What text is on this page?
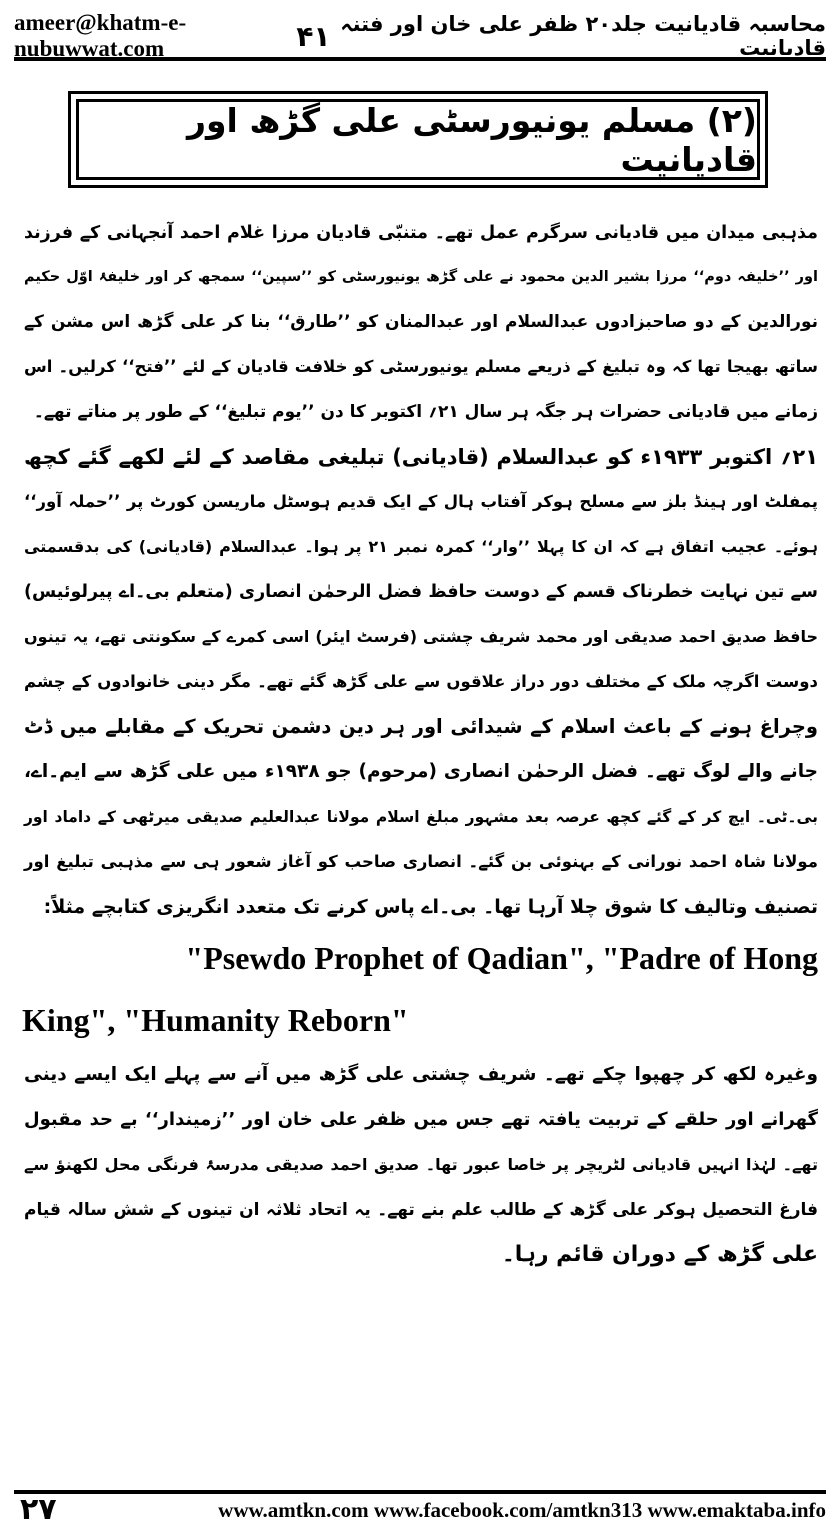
ameer@khatm-e-nubuwwat.com	۴۱ محاسبہ قادیانیت جلد۲۰ ظفر علی خان اور فتنہ قادیانیت
(۲) مسلم یونیورسٹی علی گڑھ اور قادیانیت
مذہبی میدان میں قادیانی سرگرم عمل تھے۔ متنبّی قادیان مرزا غلام احمد آنجہانی کے فرزند
اور ’’خلیفہ دوم‘‘ مرزا بشیر الدین محمود نے علی گڑھ یونیورسٹی کو ’’سپین‘‘ سمجھ کر اور خلیفۂ اوّل حکیم
نورالدین کے دو صاحبزادوں عبدالسلام اور عبدالمنان کو ’’طارق‘‘ بنا کر علی گڑھ اس مشن کے
ساتھ بھیجا تھا کہ وہ تبلیغ کے ذریعے مسلم یونیورسٹی کو خلافت قادیان کے لئے ’’فتح‘‘ کرلیں۔ اس
زمانے میں قادیانی حضرات ہر جگہ ہر سال ۲۱؍ اکتوبر کا دن ’’یوم تبلیغ‘‘ کے طور پر مناتے تھے۔
۲۱؍ اکتوبر ۱۹۳۳ء کو عبدالسلام (قادیانی) تبلیغی مقاصد کے لئے لکھے گئے کچھ
پمفلٹ اور ہینڈ بلز سے مسلح ہوکر آفتاب ہال کے ایک قدیم ہوسٹل ماریسن کورٹ پر ’’حملہ آور‘‘
ہوئے۔ عجیب اتفاق ہے کہ ان کا پہلا ’’وار‘‘ کمرہ نمبر ۲۱ پر ہوا۔ عبدالسلام (قادیانی) کی بدقسمتی
سے تین نہایت خطرناک قسم کے دوست حافظ فضل الرحمٰن انصاری (متعلم بی۔اے پیرلوئیس)
حافظ صدیق احمد صدیقی اور محمد شریف چشتی (فرسٹ ایئر) اسی کمرے کے سکونتی تھے، یہ تینوں
دوست اگرچہ ملک کے مختلف دور دراز علاقوں سے علی گڑھ گئے تھے۔ مگر دینی خانوادوں کے چشم
وچراغ ہونے کے باعث اسلام کے شیدائی اور ہر دین دشمن تحریک کے مقابلے میں ڈٹ
جانے والے لوگ تھے۔ فضل الرحمٰن انصاری (مرحوم) جو ۱۹۳۸ء میں علی گڑھ سے ایم۔اے،
بی۔ٹی۔ ایچ کر کے گئے کچھ عرصہ بعد مشہور مبلغ اسلام مولانا عبدالعلیم صدیقی میرٹھی کے داماد اور
مولانا شاہ احمد نورانی کے بہنوئی بن گئے۔ انصاری صاحب کو آغاز شعور ہی سے مذہبی تبلیغ اور
تصنیف وتالیف کا شوق چلا آرہا تھا۔ بی۔اے پاس کرنے تک متعدد انگریزی کتابچے مثلاً:
"Psewdo Prophet of Qadian", "Padre of Hong
King", "Humanity Reborn"
وغیرہ لکھ کر چھپوا چکے تھے۔ شریف چشتی علی گڑھ میں آنے سے پہلے ایک ایسے دینی
گھرانے اور حلقے کے تربیت یافتہ تھے جس میں ظفر علی خان اور ’’زمیندار‘‘ بے حد مقبول
تھے۔ لہٰذا انہیں قادیانی لٹریچر پر خاصا عبور تھا۔ صدیق احمد صدیقی مدرسۂ فرنگی محل لکھنؤ سے
فارغ التحصیل ہوکر علی گڑھ کے طالب علم بنے تھے۔ یہ اتحاد ثلاثہ ان تینوں کے شش سالہ قیام
علی گڑھ کے دوران قائم رہا۔
۲۷	www.amtkn.com www.facebook.com/amtkn313 www.emaktaba.info
